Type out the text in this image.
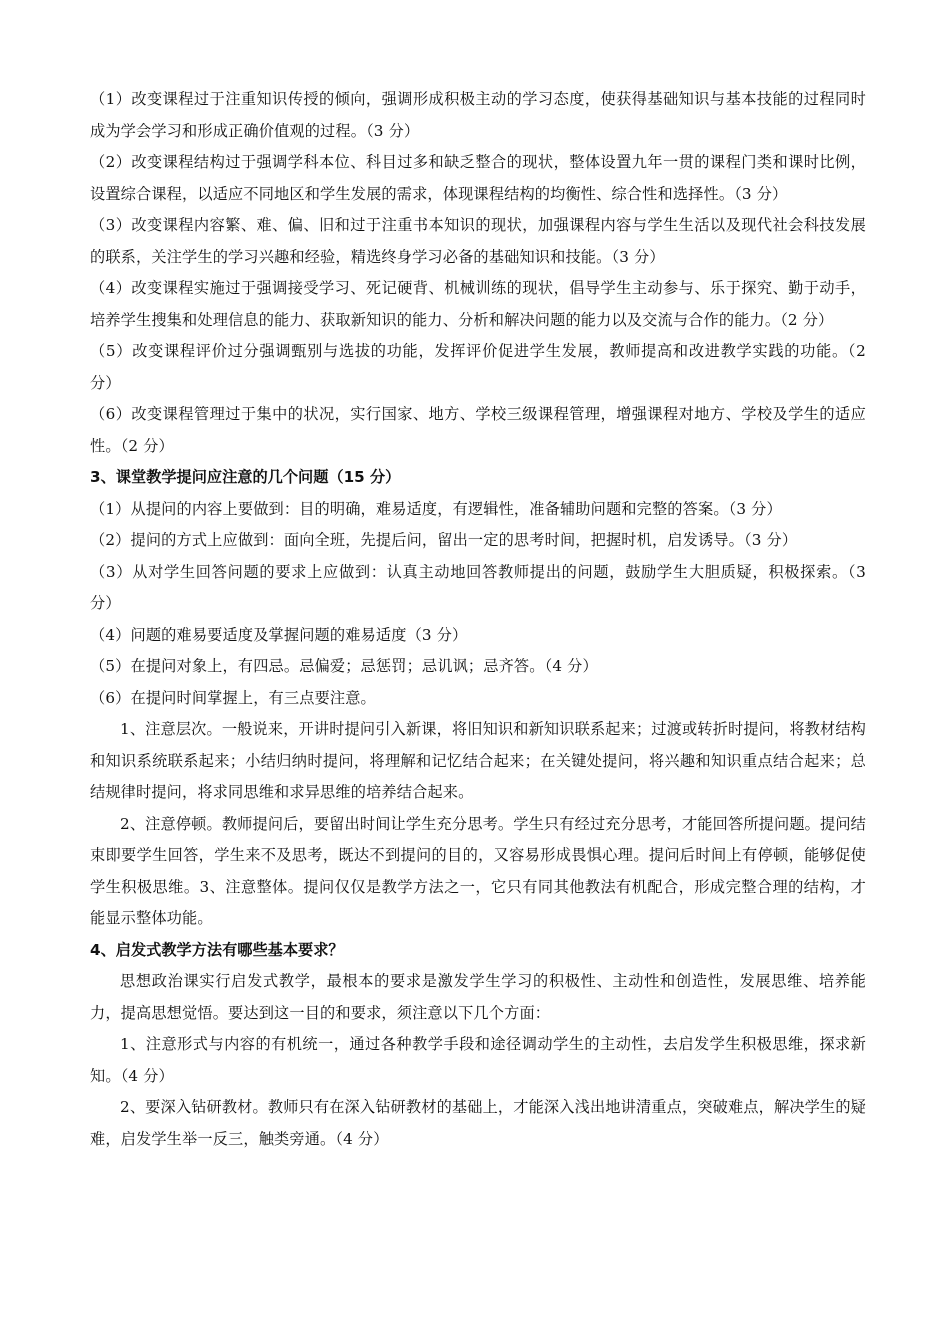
（1）改变课程过于注重知识传授的倾向，强调形成积极主动的学习态度，使获得基础知识与基本技能的过程同时成为学会学习和形成正确价值观的过程。（3 分）

（2）改变课程结构过于强调学科本位、科目过多和缺乏整合的现状，整体设置九年一贯的课程门类和课时比例，设置综合课程，以适应不同地区和学生发展的需求，体现课程结构的均衡性、综合性和选择性。（3 分）

（3）改变课程内容繁、难、偏、旧和过于注重书本知识的现状，加强课程内容与学生生活以及现代社会科技发展的联系，关注学生的学习兴趣和经验，精选终身学习必备的基础知识和技能。（3 分）

（4）改变课程实施过于强调接受学习、死记硬背、机械训练的现状，倡导学生主动参与、乐于探究、勤于动手，培养学生搜集和处理信息的能力、获取新知识的能力、分析和解决问题的能力以及交流与合作的能力。（2 分）

（5）改变课程评价过分强调甄别与选拔的功能，发挥评价促进学生发展，教师提高和改进教学实践的功能。（2 分）

（6）改变课程管理过于集中的状况，实行国家、地方、学校三级课程管理，增强课程对地方、学校及学生的适应性。（2 分）

3、课堂教学提问应注意的几个问题（15 分）

（1）从提问的内容上要做到：目的明确，难易适度，有逻辑性，准备辅助问题和完整的答案。（3 分）

（2）提问的方式上应做到：面向全班，先提后问，留出一定的思考时间，把握时机，启发诱导。（3 分）

（3）从对学生回答问题的要求上应做到：认真主动地回答教师提出的问题，鼓励学生大胆质疑，积极探索。（3 分）

（4）问题的难易要适度及掌握问题的难易适度（3 分）

（5）在提问对象上，有四忌。忌偏爱；忌惩罚；忌讥讽；忌齐答。（4 分）

（6）在提问时间掌握上，有三点要注意。

1、注意层次。一般说来，开讲时提问引入新课，将旧知识和新知识联系起来；过渡或转折时提问，将教材结构和知识系统联系起来；小结归纳时提问，将理解和记忆结合起来；在关键处提问，将兴趣和知识重点结合起来；总结规律时提问，将求同思维和求异思维的培养结合起来。

2、注意停顿。教师提问后，要留出时间让学生充分思考。学生只有经过充分思考，才能回答所提问题。提问结束即要学生回答，学生来不及思考，既达不到提问的目的，又容易形成畏惧心理。提问后时间上有停顿，能够促使学生积极思维。3、注意整体。提问仅仅是教学方法之一，它只有同其他教法有机配合，形成完整合理的结构，才能显示整体功能。

4、启发式教学方法有哪些基本要求？

思想政治课实行启发式教学，最根本的要求是激发学生学习的积极性、主动性和创造性，发展思维、培养能力，提高思想觉悟。要达到这一目的和要求，须注意以下几个方面：

1、注意形式与内容的有机统一，通过各种教学手段和途径调动学生的主动性，去启发学生积极思维，探求新知。（4 分）

2、要深入钻研教材。教师只有在深入钻研教材的基础上，才能深入浅出地讲清重点，突破难点，解决学生的疑难，启发学生举一反三，触类旁通。（4 分）
